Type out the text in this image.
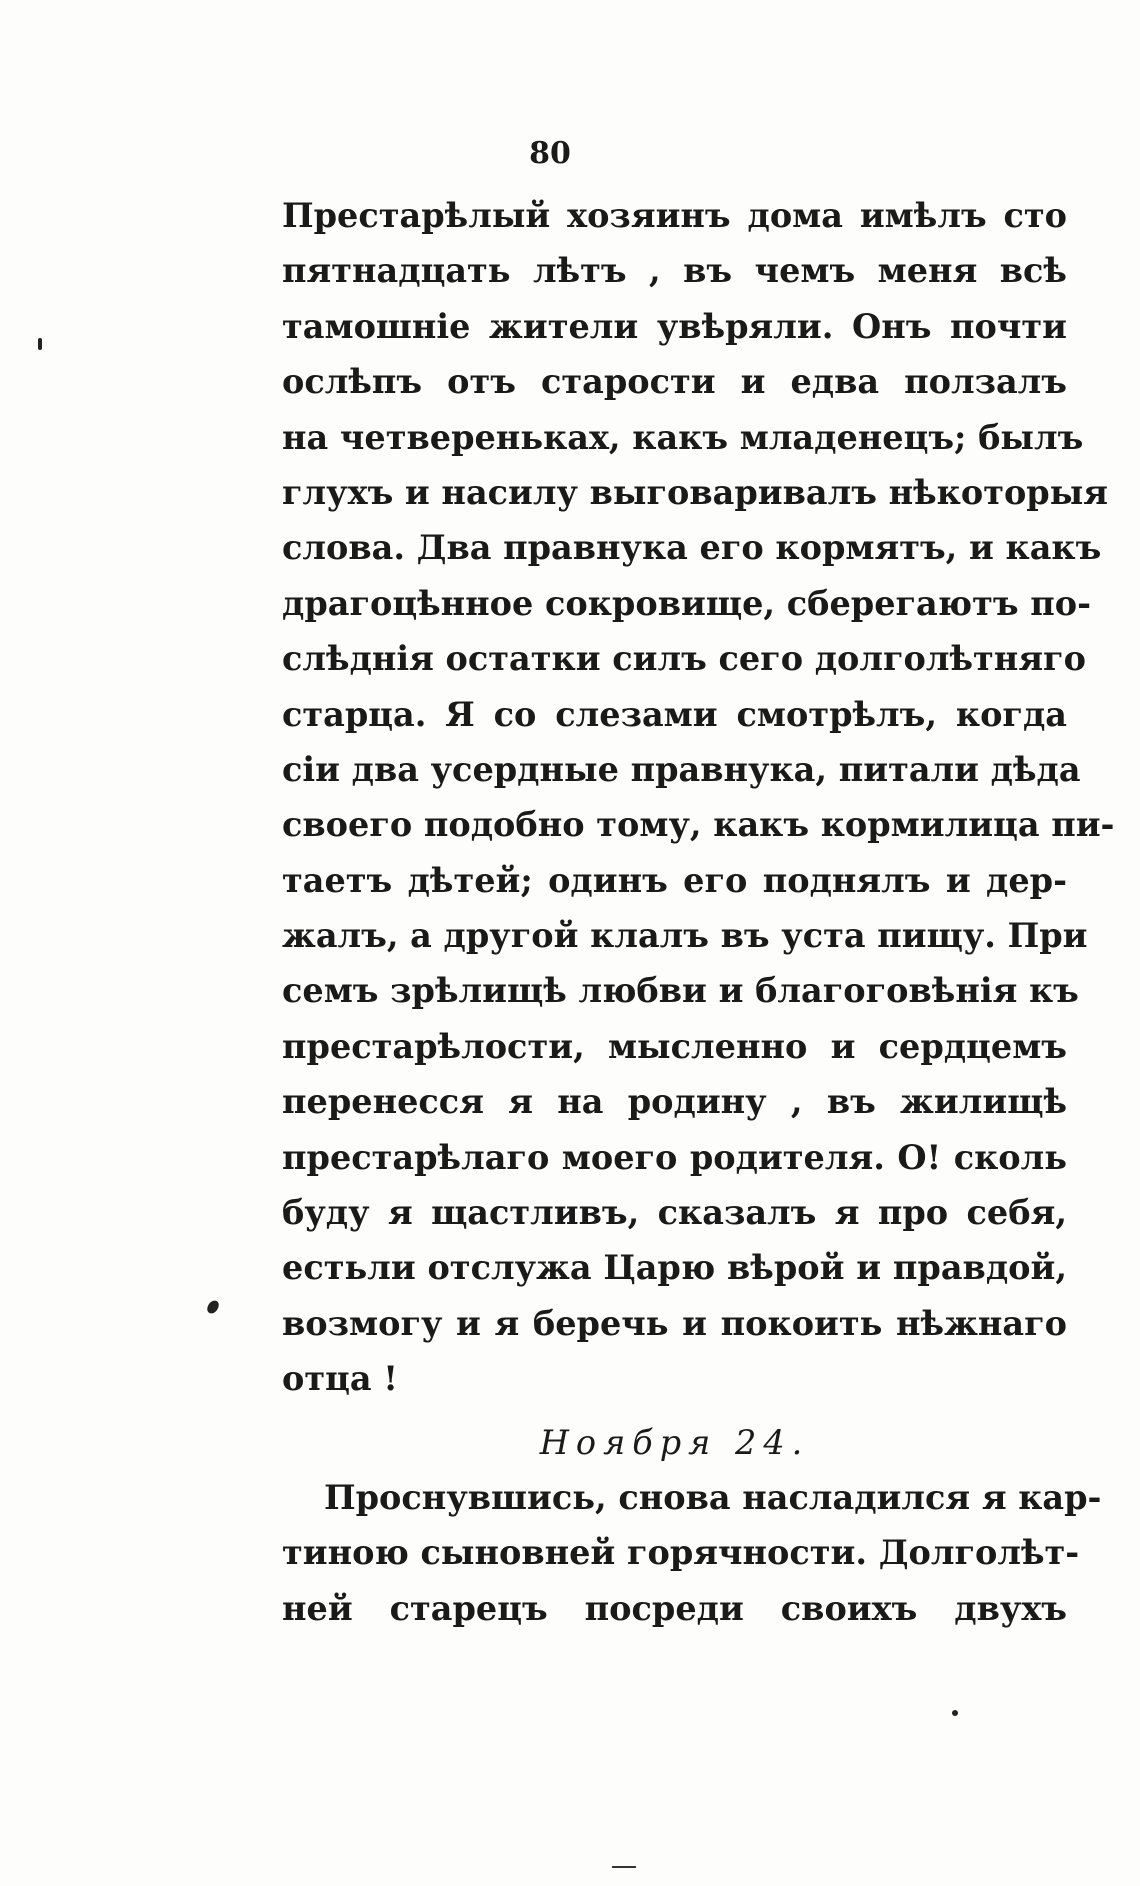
80

Престарѣлый хозяинъ дома имѣлъ сто
пятнадцать лѣтъ , въ чемъ меня всѣ
тамошніе жители увѣряли. Онъ почти
ослѣпъ отъ старости и едва ползалъ
на четвереньках, какъ младенецъ; былъ
глухъ и насилу выговаривалъ нѣкоторыя
слова. Два правнука его кормятъ, и какъ
драгоцѣнное сокровище, сберегаютъ по-
слѣднія остатки силъ сего долголѣтняго
старца. Я со слезами смотрѣлъ, когда
сіи два усердные правнука, питали дѣда
своего подобно тому, какъ кормилица пи-
таетъ дѣтей; одинъ его поднялъ и дер-
жалъ, а другой клалъ въ уста пищу. При
семъ зрѣлищѣ любви и благоговѣнія къ
престарѣлости, мысленно и сердцемъ
перенесся я на родину , въ жилищѣ
престарѣлаго моего родителя. О! сколь
буду я щастливъ, сказалъ я про себя,
естьли отслужа Царю вѣрой и правдой,
возмогу и я беречь и покоить нѣжнаго
отца !
Ноября 24.
Проснувшись, снова насладился я кар-
тиною сыновней горячности. Долголѣт-
ней старецъ посреди своихъ двухъ
